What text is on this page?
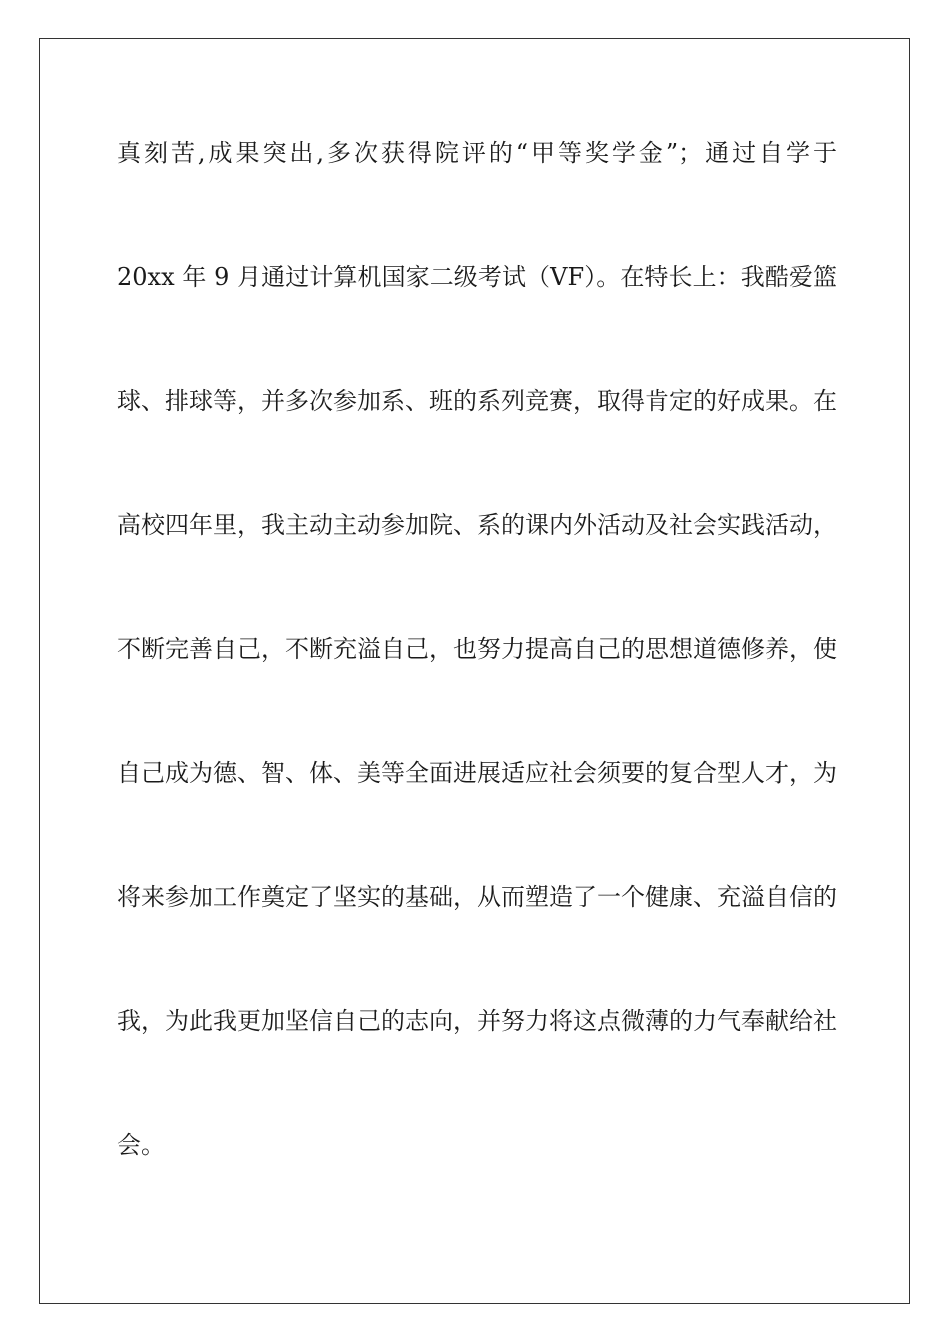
真刻苦,成果突出,多次获得院评的“甲等奖学金”；通过自学于
20xx 年 9 月通过计算机国家二级考试（VF）。在特长上：我酷爱篮
球、排球等，并多次参加系、班的系列竞赛，取得肯定的好成果。在
高校四年里，我主动主动参加院、系的课内外活动及社会实践活动，
不断完善自己，不断充溢自己，也努力提高自己的思想道德修养，使
自己成为德、智、体、美等全面进展适应社会须要的复合型人才，为
将来参加工作奠定了坚实的基础，从而塑造了一个健康、充溢自信的
我，为此我更加坚信自己的志向，并努力将这点微薄的力气奉献给社
会。
